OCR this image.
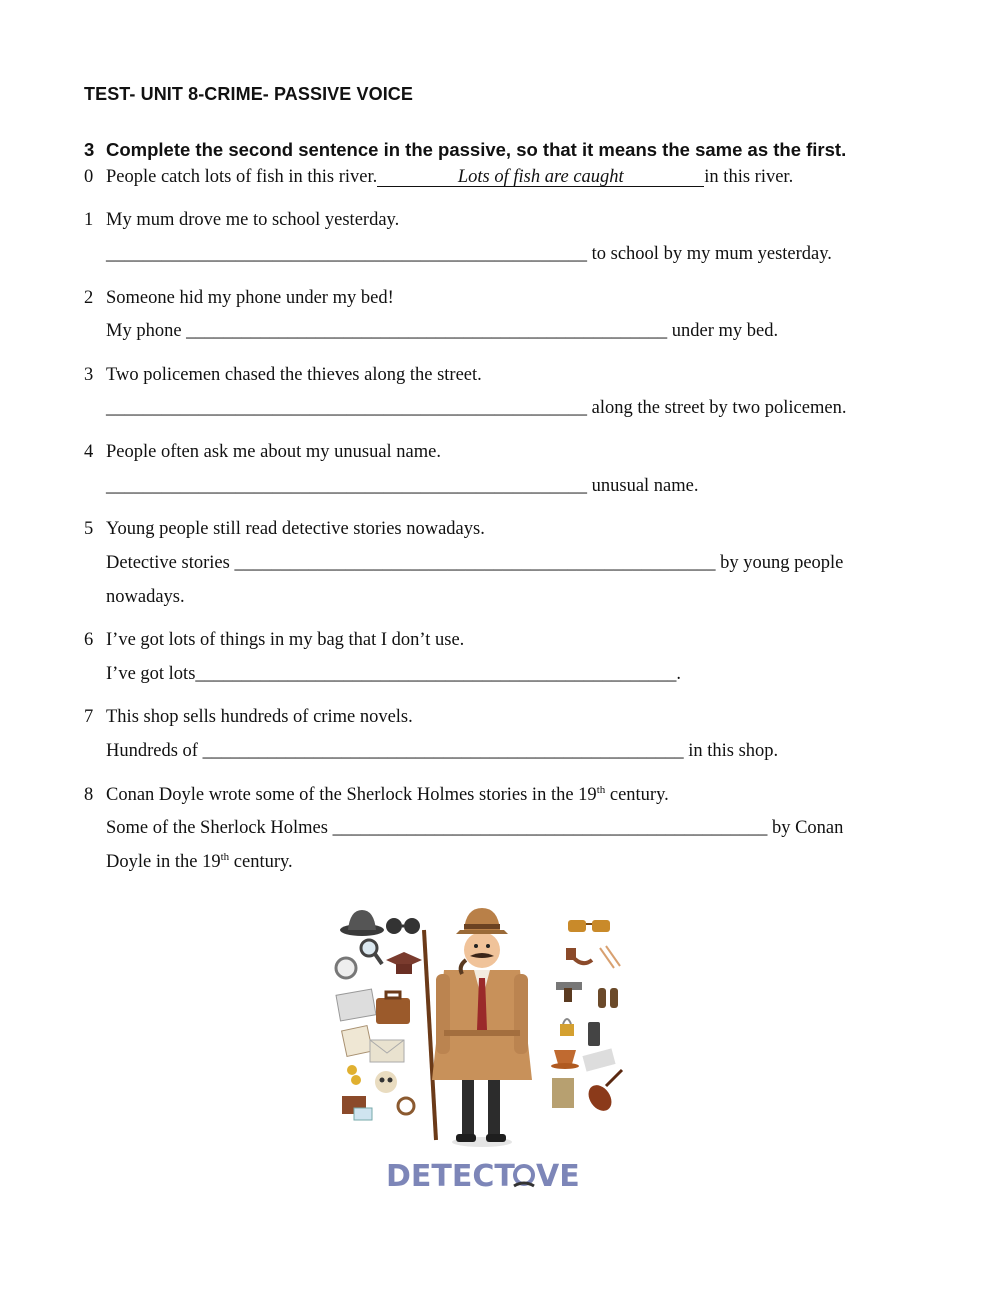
TEST- UNIT 8-CRIME- PASSIVE VOICE
3 Complete the second sentence in the passive, so that it means the same as the first.
0 People catch lots of fish in this river.	Lots of fish are caught	in this river.
1 My mum drove me to school yesterday.
____________________________________________________ to school by my mum yesterday.
2 Someone hid my phone under my bed!
My phone ____________________________________________________ under my bed.
3 Two policemen chased the thieves along the street.
____________________________________________________ along the street by two policemen.
4 People often ask me about my unusual name.
____________________________________________________ unusual name.
5 Young people still read detective stories nowadays.
Detective stories ____________________________________________________ by young people
nowadays.
6 I’ve got lots of things in my bag that I don’t use.
I’ve got lots____________________________________________________.
7 This shop sells hundreds of crime novels.
Hundreds of ____________________________________________________ in this shop.
8 Conan Doyle wrote some of the Sherlock Holmes stories in the 19th century.
Some of the Sherlock Holmes _______________________________________________ by Conan
Doyle in the 19th century.
DETECT VE
